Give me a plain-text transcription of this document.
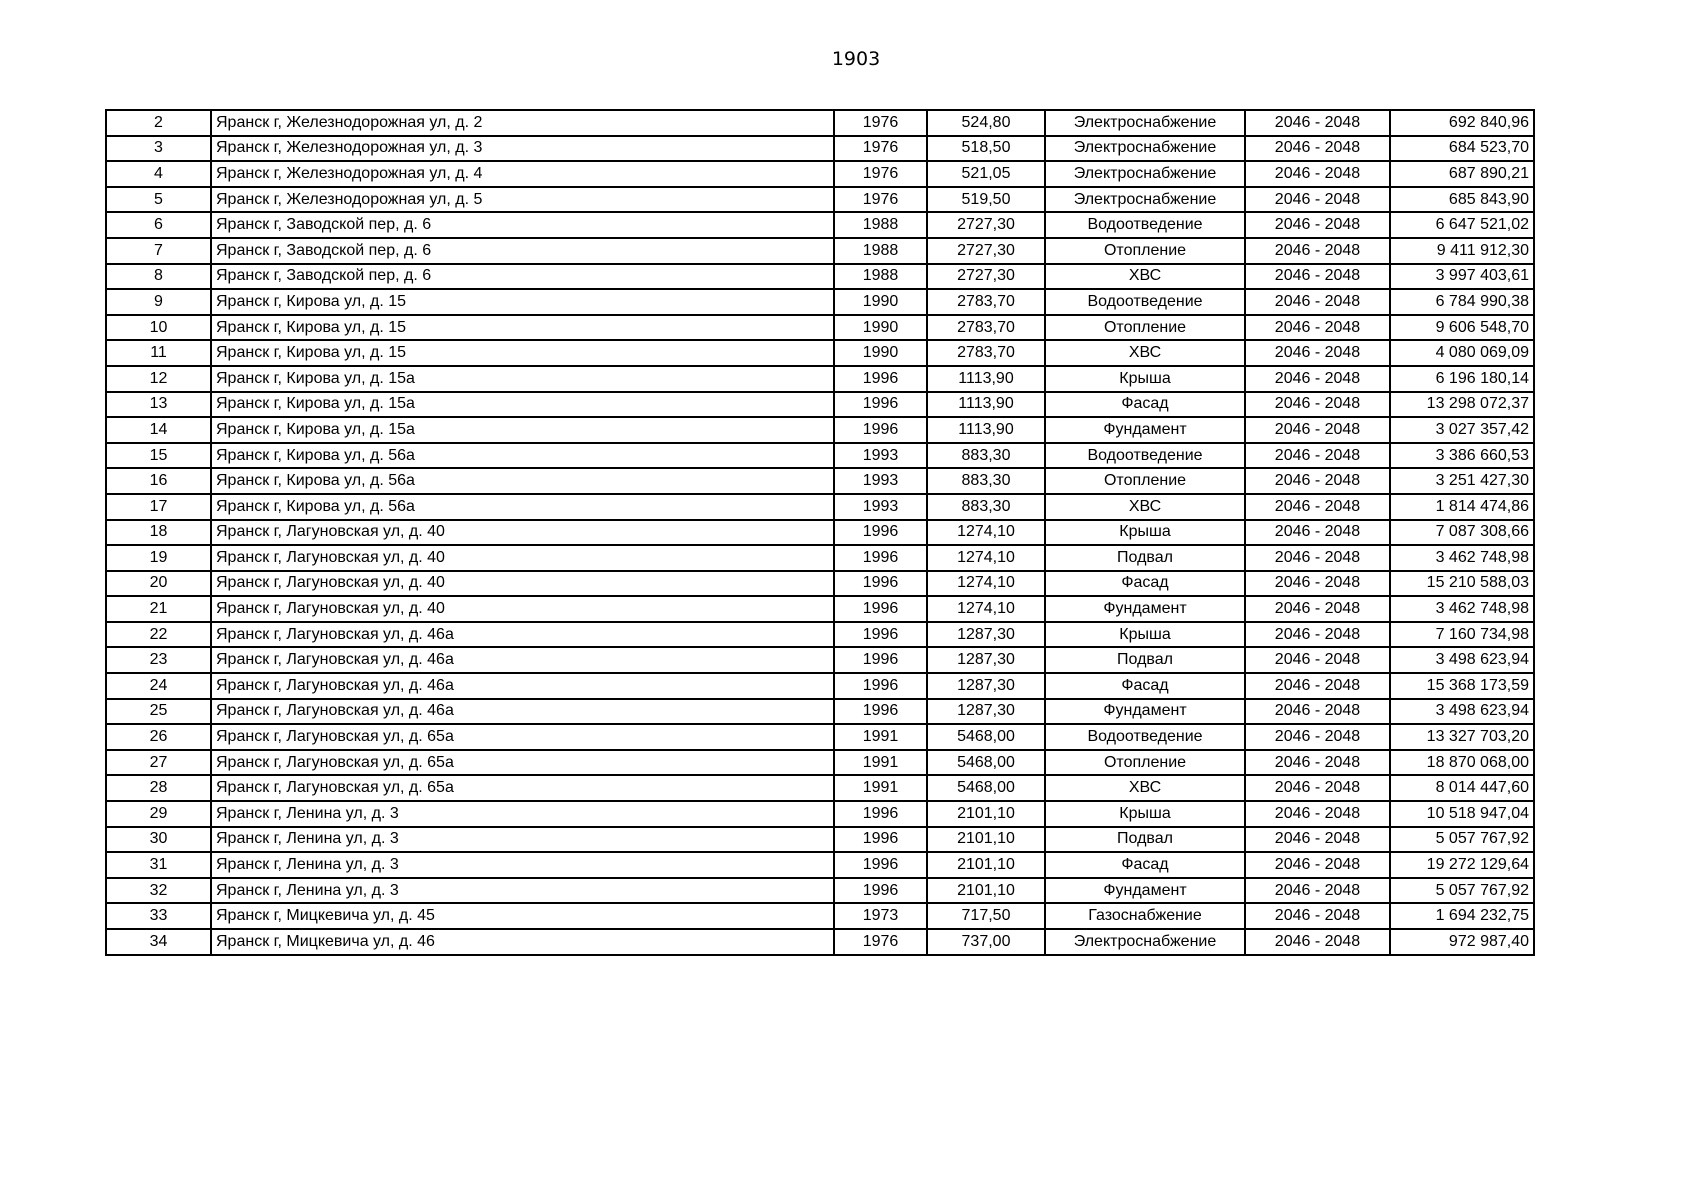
1903
2	Яранск г, Железнодорожная ул, д. 2	1976	524,80	Электроснабжение	2046 - 2048	692 840,96
3	Яранск г, Железнодорожная ул, д. 3	1976	518,50	Электроснабжение	2046 - 2048	684 523,70
4	Яранск г, Железнодорожная ул, д. 4	1976	521,05	Электроснабжение	2046 - 2048	687 890,21
5	Яранск г, Железнодорожная ул, д. 5	1976	519,50	Электроснабжение	2046 - 2048	685 843,90
6	Яранск г, Заводской пер, д. 6	1988	2727,30	Водоотведение	2046 - 2048	6 647 521,02
7	Яранск г, Заводской пер, д. 6	1988	2727,30	Отопление	2046 - 2048	9 411 912,30
8	Яранск г, Заводской пер, д. 6	1988	2727,30	ХВС	2046 - 2048	3 997 403,61
9	Яранск г, Кирова ул, д. 15	1990	2783,70	Водоотведение	2046 - 2048	6 784 990,38
10	Яранск г, Кирова ул, д. 15	1990	2783,70	Отопление	2046 - 2048	9 606 548,70
11	Яранск г, Кирова ул, д. 15	1990	2783,70	ХВС	2046 - 2048	4 080 069,09
12	Яранск г, Кирова ул, д. 15а	1996	1113,90	Крыша	2046 - 2048	6 196 180,14
13	Яранск г, Кирова ул, д. 15а	1996	1113,90	Фасад	2046 - 2048	13 298 072,37
14	Яранск г, Кирова ул, д. 15а	1996	1113,90	Фундамент	2046 - 2048	3 027 357,42
15	Яранск г, Кирова ул, д. 56а	1993	883,30	Водоотведение	2046 - 2048	3 386 660,53
16	Яранск г, Кирова ул, д. 56а	1993	883,30	Отопление	2046 - 2048	3 251 427,30
17	Яранск г, Кирова ул, д. 56а	1993	883,30	ХВС	2046 - 2048	1 814 474,86
18	Яранск г, Лагуновская ул, д. 40	1996	1274,10	Крыша	2046 - 2048	7 087 308,66
19	Яранск г, Лагуновская ул, д. 40	1996	1274,10	Подвал	2046 - 2048	3 462 748,98
20	Яранск г, Лагуновская ул, д. 40	1996	1274,10	Фасад	2046 - 2048	15 210 588,03
21	Яранск г, Лагуновская ул, д. 40	1996	1274,10	Фундамент	2046 - 2048	3 462 748,98
22	Яранск г, Лагуновская ул, д. 46а	1996	1287,30	Крыша	2046 - 2048	7 160 734,98
23	Яранск г, Лагуновская ул, д. 46а	1996	1287,30	Подвал	2046 - 2048	3 498 623,94
24	Яранск г, Лагуновская ул, д. 46а	1996	1287,30	Фасад	2046 - 2048	15 368 173,59
25	Яранск г, Лагуновская ул, д. 46а	1996	1287,30	Фундамент	2046 - 2048	3 498 623,94
26	Яранск г, Лагуновская ул, д. 65а	1991	5468,00	Водоотведение	2046 - 2048	13 327 703,20
27	Яранск г, Лагуновская ул, д. 65а	1991	5468,00	Отопление	2046 - 2048	18 870 068,00
28	Яранск г, Лагуновская ул, д. 65а	1991	5468,00	ХВС	2046 - 2048	8 014 447,60
29	Яранск г, Ленина ул, д. 3	1996	2101,10	Крыша	2046 - 2048	10 518 947,04
30	Яранск г, Ленина ул, д. 3	1996	2101,10	Подвал	2046 - 2048	5 057 767,92
31	Яранск г, Ленина ул, д. 3	1996	2101,10	Фасад	2046 - 2048	19 272 129,64
32	Яранск г, Ленина ул, д. 3	1996	2101,10	Фундамент	2046 - 2048	5 057 767,92
33	Яранск г, Мицкевича ул, д. 45	1973	717,50	Газоснабжение	2046 - 2048	1 694 232,75
34	Яранск г, Мицкевича ул, д. 46	1976	737,00	Электроснабжение	2046 - 2048	972 987,40
